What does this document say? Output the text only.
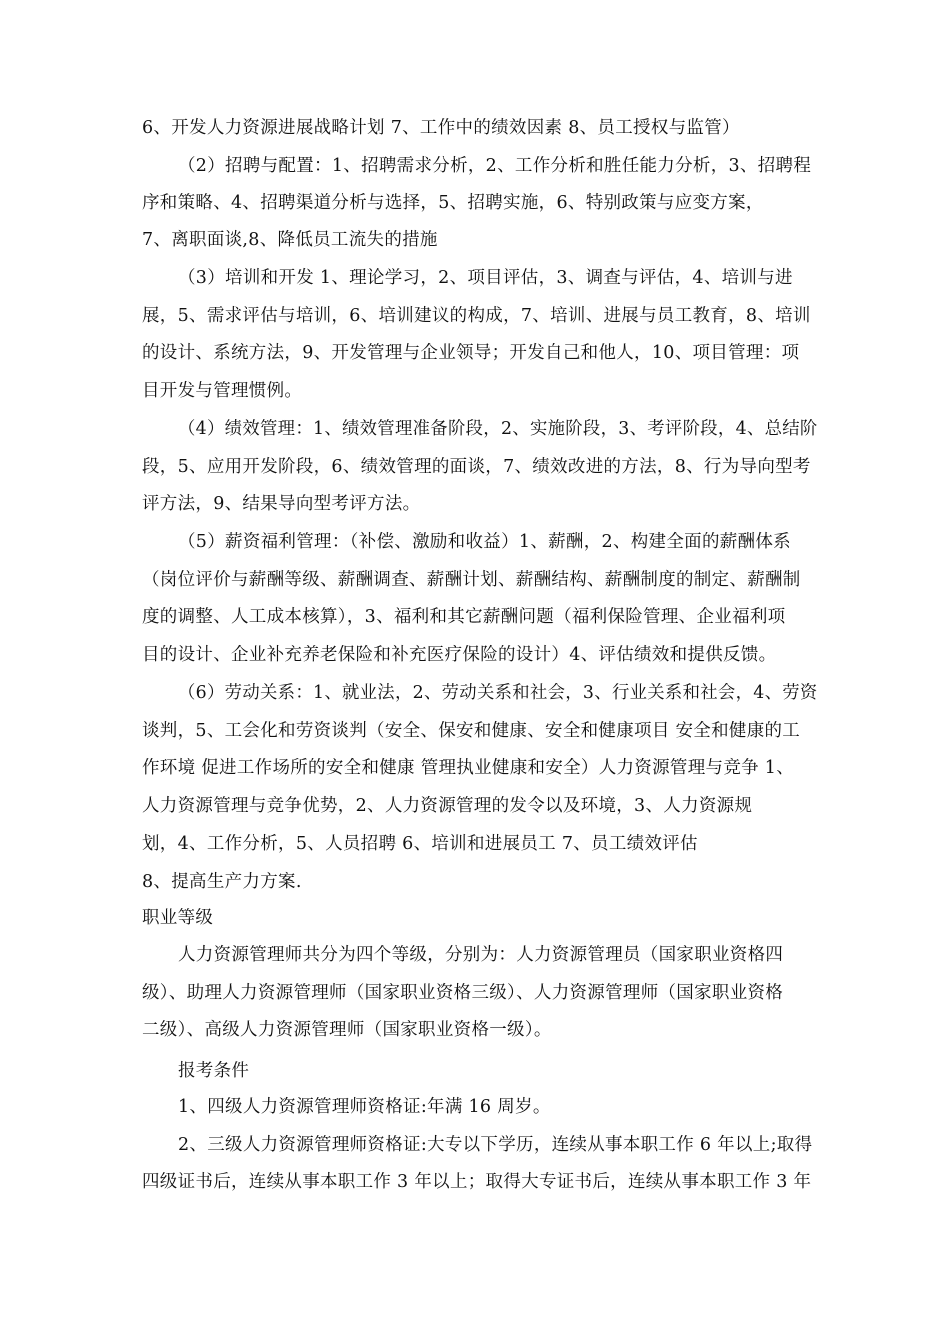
6、开发人力资源进展战略计划 7、工作中的绩效因素 8、员工授权与监管）
（2）招聘与配置：1、招聘需求分析，2、工作分析和胜任能力分析，3、招聘程
序和策略、4、招聘渠道分析与选择，5、招聘实施，6、特别政策与应变方案，
7、离职面谈,8、降低员工流失的措施
（3）培训和开发 1、理论学习，2、项目评估，3、调查与评估，4、培训与进
展，5、需求评估与培训，6、培训建议的构成，7、培训、进展与员工教育，8、培训
的设计、系统方法，9、开发管理与企业领导；开发自己和他人，10、项目管理：项
目开发与管理惯例。
（4）绩效管理：1、绩效管理准备阶段，2、实施阶段，3、考评阶段，4、总结阶
段，5、应用开发阶段，6、绩效管理的面谈，7、绩效改进的方法，8、行为导向型考
评方法，9、结果导向型考评方法。
（5）薪资福利管理：（补偿、激励和收益）1、薪酬，2、构建全面的薪酬体系
（岗位评价与薪酬等级、薪酬调查、薪酬计划、薪酬结构、薪酬制度的制定、薪酬制
度的调整、人工成本核算），3、福利和其它薪酬问题（福利保险管理、企业福利项
目的设计、企业补充养老保险和补充医疗保险的设计）4、评估绩效和提供反馈。
（6）劳动关系：1、就业法，2、劳动关系和社会，3、行业关系和社会，4、劳资
谈判，5、工会化和劳资谈判（安全、保安和健康、安全和健康项目 安全和健康的工
作环境 促进工作场所的安全和健康 管理执业健康和安全）人力资源管理与竞争 1、
人力资源管理与竞争优势，2、人力资源管理的发令以及环境，3、人力资源规
划，4、工作分析，5、人员招聘 6、培训和进展员工 7、员工绩效评估
8、提高生产力方案.
职业等级
人力资源管理师共分为四个等级，分别为：人力资源管理员（国家职业资格四
级）、助理人力资源管理师（国家职业资格三级）、人力资源管理师（国家职业资格
二级）、高级人力资源管理师（国家职业资格一级）。
报考条件
1、四级人力资源管理师资格证:年满 16 周岁。
2、三级人力资源管理师资格证:大专以下学历，连续从事本职工作 6 年以上;取得
四级证书后，连续从事本职工作 3 年以上；取得大专证书后，连续从事本职工作 3 年
